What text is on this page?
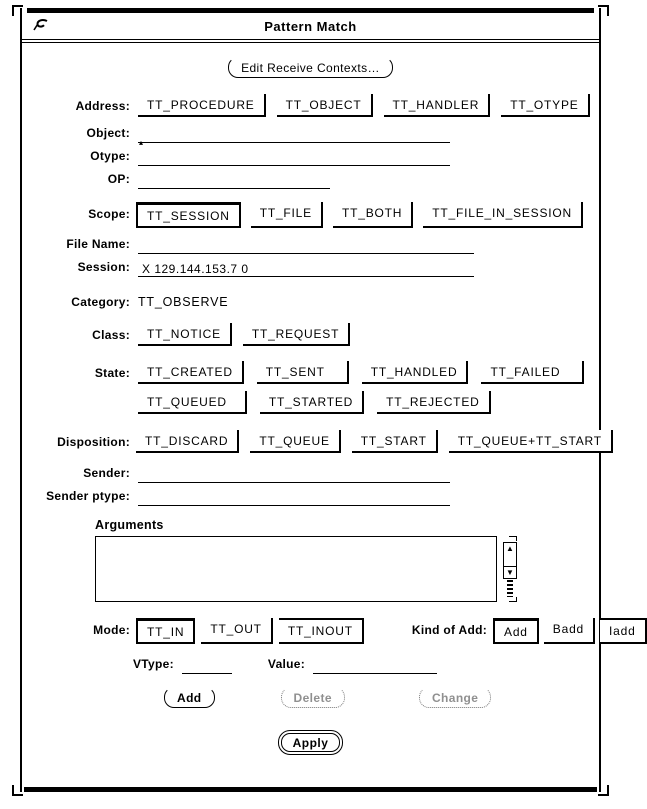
Pattern Match
Edit Receive Contexts…
Address:	TT_PROCEDURE	TT_OBJECT	TT_HANDLER	TT_OTYPE
Object:
▴
Otype:
OP:
Scope:	TT_SESSION	TT_FILE	TT_BOTH	TT_FILE_IN_SESSION
File Name:
Session:	X 129.144.153.7 0
Category: TT_OBSERVE
Class:	TT_NOTICE	TT_REQUEST
State:	TT_CREATED	TT_SENT	TT_HANDLED	TT_FAILED
TT_QUEUED	TT_STARTED	TT_REJECTED
Disposition:	TT_DISCARD	TT_QUEUE	TT_START	TT_QUEUE+TT_START
Sender:
Sender ptype:
Arguments
▲
▼
Mode:	TT_IN	TT_OUT	TT_INOUT	Kind of Add:	Add	Badd	Iadd
VType:	Value:
Add	Delete	Change
Apply
